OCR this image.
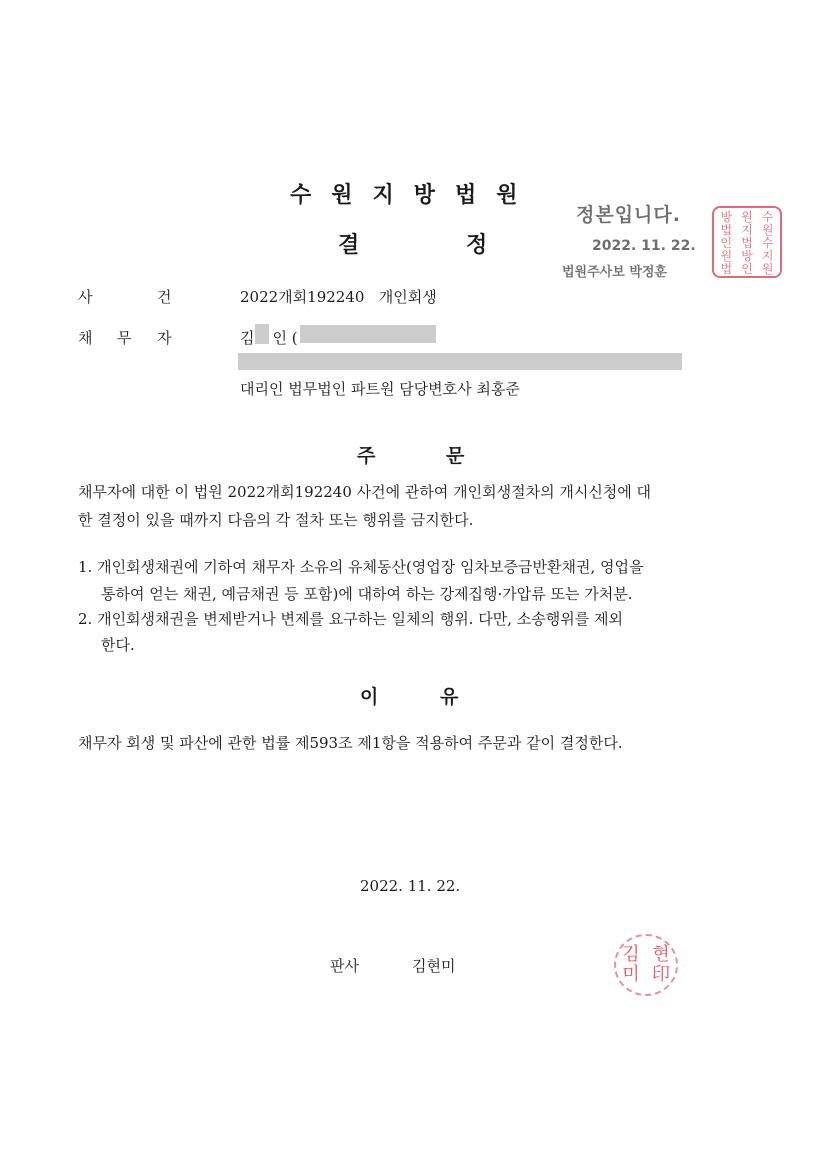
수원지방법원
결	정
정본입니다.
2022. 11. 22.
법원주사보 박정훈
방 원 수
법 지 원
인 법 수
원 방 지
법 인 원
사	건	2022개회192240 개인회생
채 무 자	김 인 (
대리인 법무법인 파트원 담당변호사 최홍준
주	문
채무자에 대한 이 법원 2022개회192240 사건에 관하여 개인회생절차의 개시신청에 대
한 결정이 있을 때까지 다음의 각 절차 또는 행위를 금지한다.
1. 개인회생채권에 기하여 채무자 소유의 유체동산(영업장 임차보증금반환채권, 영업을
통하여 얻는 채권, 예금채권 등 포함)에 대하여 하는 강제집행·가압류 또는 가처분.
2. 개인회생채권을 변제받거나 변제를 요구하는 일체의 행위. 다만, 소송행위를 제외
한다.
이	유
채무자 회생 및 파산에 관한 법률 제593조 제1항을 적용하여 주문과 같이 결정한다.
2022. 11. 22.
판사	김현미
김 현
미 印
